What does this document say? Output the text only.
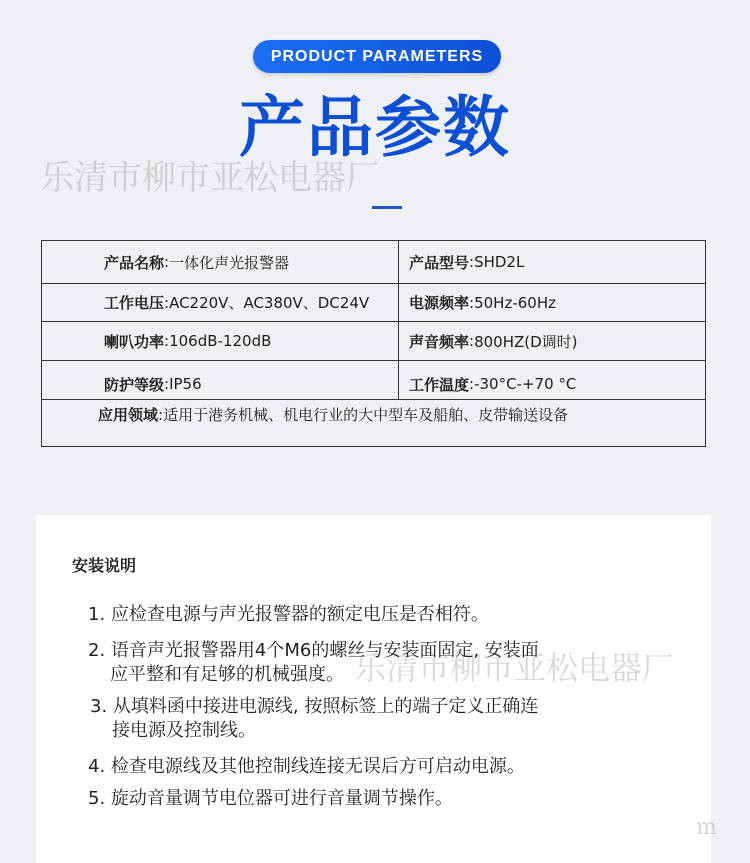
PRODUCT PARAMETERS
产品参数
乐清市柳市亚松电器厂
产品名称 : 一体化声光报警器	产品型号 : SHD2L
工作电压 : AC220V、AC380V、DC24V	电源频率 : 50Hz-60Hz
喇叭功率 : 106dB-120dB	声音频率 : 800HZ(D调时)
防护等级 : IP56	工作温度 : -30°C-+70 °C
应用领域 : 适用于港务机械、机电行业的大中型车及船舶、皮带输送设备
安装说明
1. 应检查电源与声光报警器的额定电压是否相符。
2. 语音声光报警器用4个M6的螺丝与安装面固定, 安装面
应平整和有足够的机械强度。
3. 从填料函中接进电源线, 按照标签上的端子定义正确连
接电源及控制线。
4. 检查电源线及其他控制线连接无误后方可启动电源。
5. 旋动音量调节电位器可进行音量调节操作。
乐清市柳市亚松电器厂
m
